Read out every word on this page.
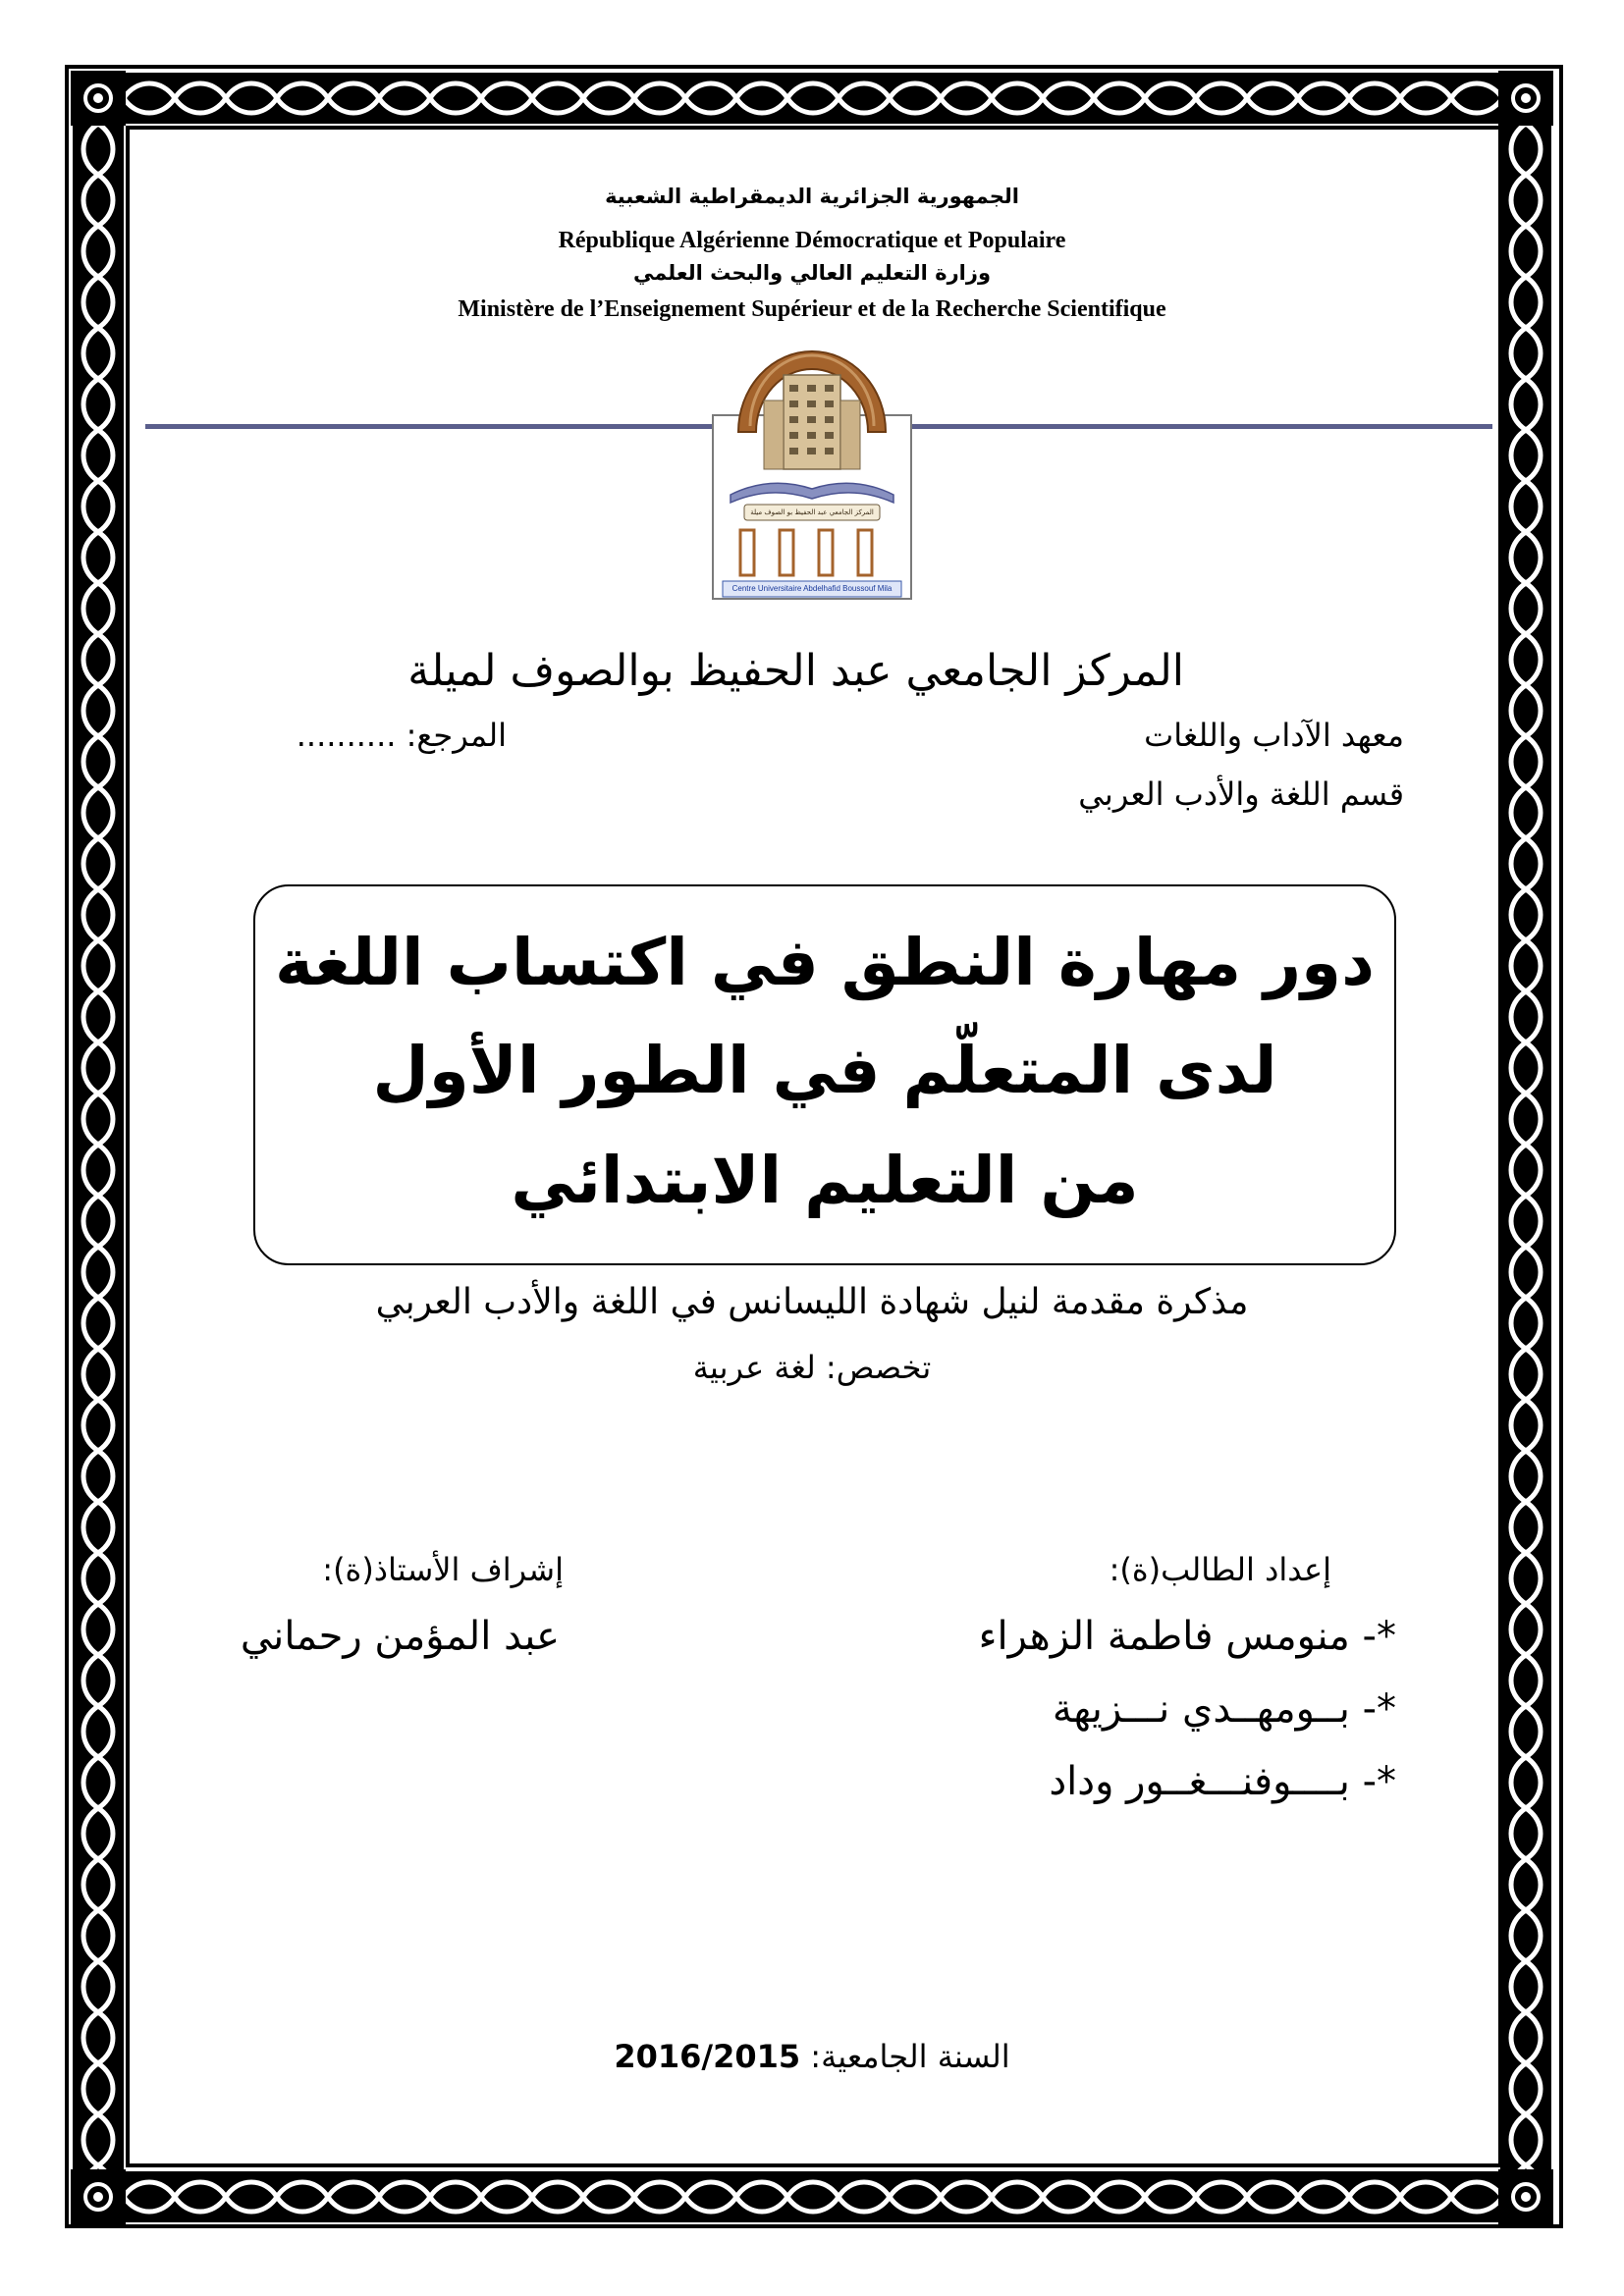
الجمهورية الجزائرية الديمقراطية الشعبية
République Algérienne Démocratique et Populaire
وزارة التعليم العالي والبحث العلمي
Ministère de l’Enseignement Supérieur et de la Recherche Scientifique
المركز الجامعي عبد الحفيظ بو الصوف ميلة
Centre Universitaire Abdelhafid Boussouf Mila
المركز الجامعي عبد الحفيظ بوالصوف لميلة
معهد الآداب واللغات
المرجع: ..........
قسم اللغة والأدب العربي
دور مهارة النطق في اكتساب اللغة
لدى المتعلّم في الطور الأول
من التعليم الابتدائي
مذكرة مقدمة لنيل شهادة الليسانس في اللغة والأدب العربي
تخصص: لغة عربية
إعداد الطالب(ة):
*- منومس فاطمة الزهراء
*- بــومهــدي نـــزيهة
*- بــــوفنـــغــور وداد
إشراف الأستاذ(ة):
عبد المؤمن رحماني
السنة الجامعية: 2016/2015
